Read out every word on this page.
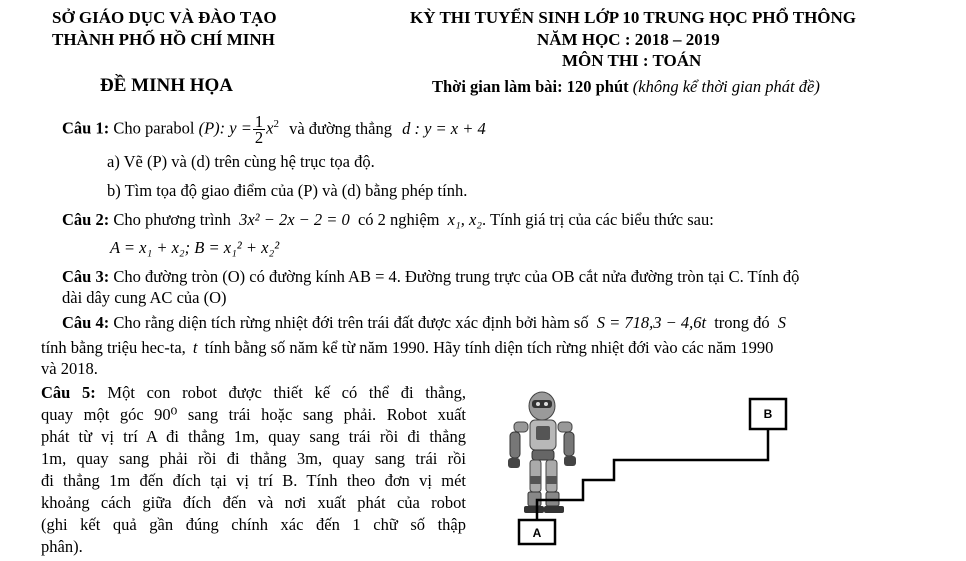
SỞ GIÁO DỤC VÀ ĐÀO TẠO
THÀNH PHỐ HỒ CHÍ MINH
KỲ THI TUYỂN SINH LỚP 10 TRUNG HỌC PHỔ THÔNG
NĂM HỌC : 2018 – 2019
MÔN THI : TOÁN
ĐỀ MINH HỌA	Thời gian làm bài: 120 phút (không kể thời gian phát đề)
Câu 1: Cho parabol (P): $y = \frac{1}{2} x^2$ và đường thẳng d : y = x + 4
a) Vẽ (P) và (d) trên cùng hệ trục tọa độ.
b) Tìm tọa độ giao điểm của (P) và (d) bằng phép tính.
Câu 2: Cho phương trình 3x² − 2x − 2 = 0 có 2 nghiệm x₁, x₂. Tính giá trị của các biểu thức sau:
A = x₁ + x₂; B = x₁² + x₂²
Câu 3: Cho đường tròn (O) có đường kính AB = 4. Đường trung trực của OB cắt nửa đường tròn tại C. Tính độ
dài dây cung AC của (O)
Câu 4: Cho rằng diện tích rừng nhiệt đới trên trái đất được xác định bởi hàm số S = 718,3 − 4,6t trong đó S
tính bằng triệu hec-ta, t tính bằng số năm kể từ năm 1990. Hãy tính diện tích rừng nhiệt đới vào các năm 1990
và 2018.
Câu 5: Một con robot được thiết kế có thể đi thẳng,
quay một góc 90⁰ sang trái hoặc sang phải. Robot xuất
phát từ vị trí A đi thẳng 1m, quay sang trái rồi đi thẳng
1m, quay sang phải rồi đi thẳng 3m, quay sang trái rồi
đi thẳng 1m đến đích tại vị trí B. Tính theo đơn vị mét
khoảng cách giữa đích đến và nơi xuất phát của robot
(ghi kết quả gần đúng chính xác đến 1 chữ số thập
phân).
A
B
